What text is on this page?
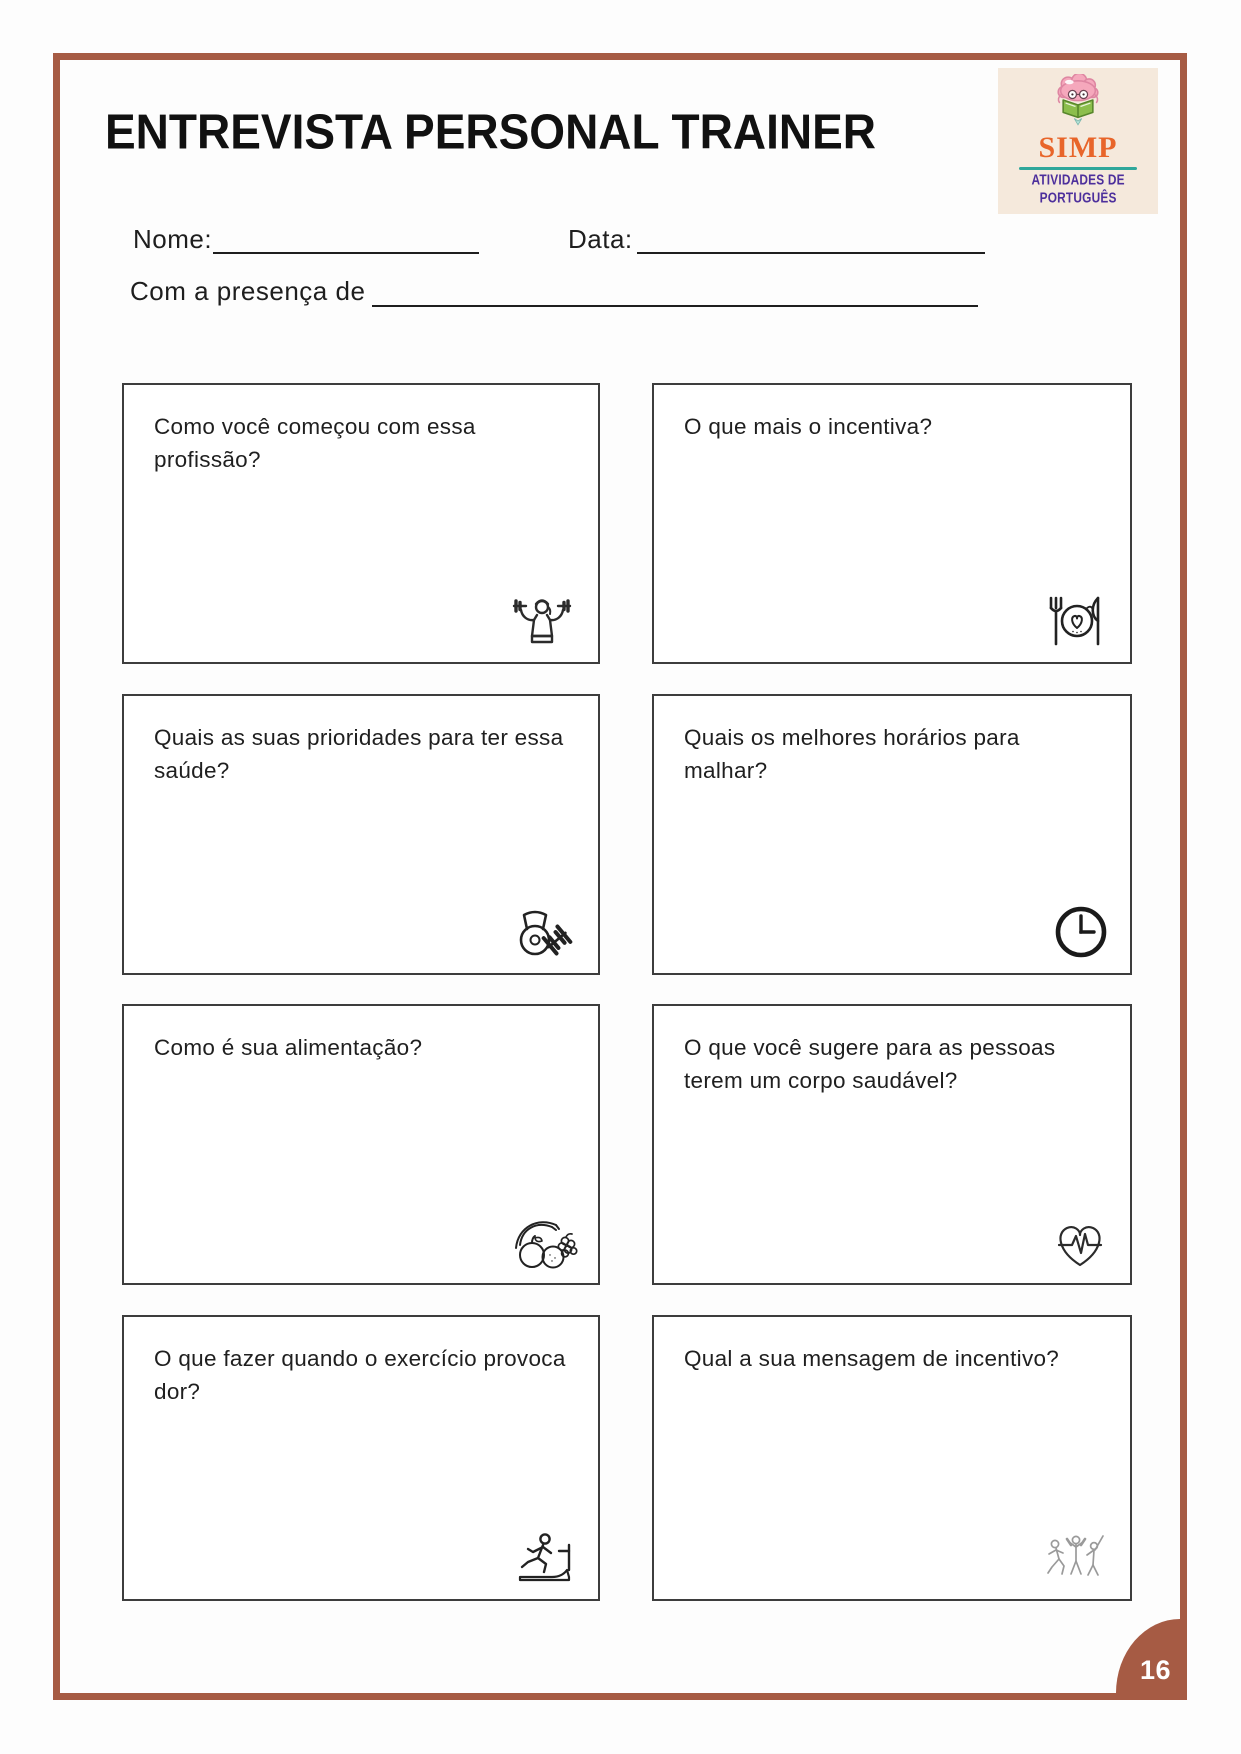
ENTREVISTA PERSONAL TRAINER	SIMP
ATIVIDADES DE
PORTUGUÊS
Nome:	Data:
Com a presença de
Como você começou com essa profissão?
O que mais o incentiva?
Quais as suas prioridades para ter essa saúde?
Quais os melhores horários para malhar?
Como é sua alimentação?	O que você sugere para as pessoas terem um corpo saudável?
O que fazer quando o exercício provoca dor?
Qual a sua mensagem de incentivo?
16
